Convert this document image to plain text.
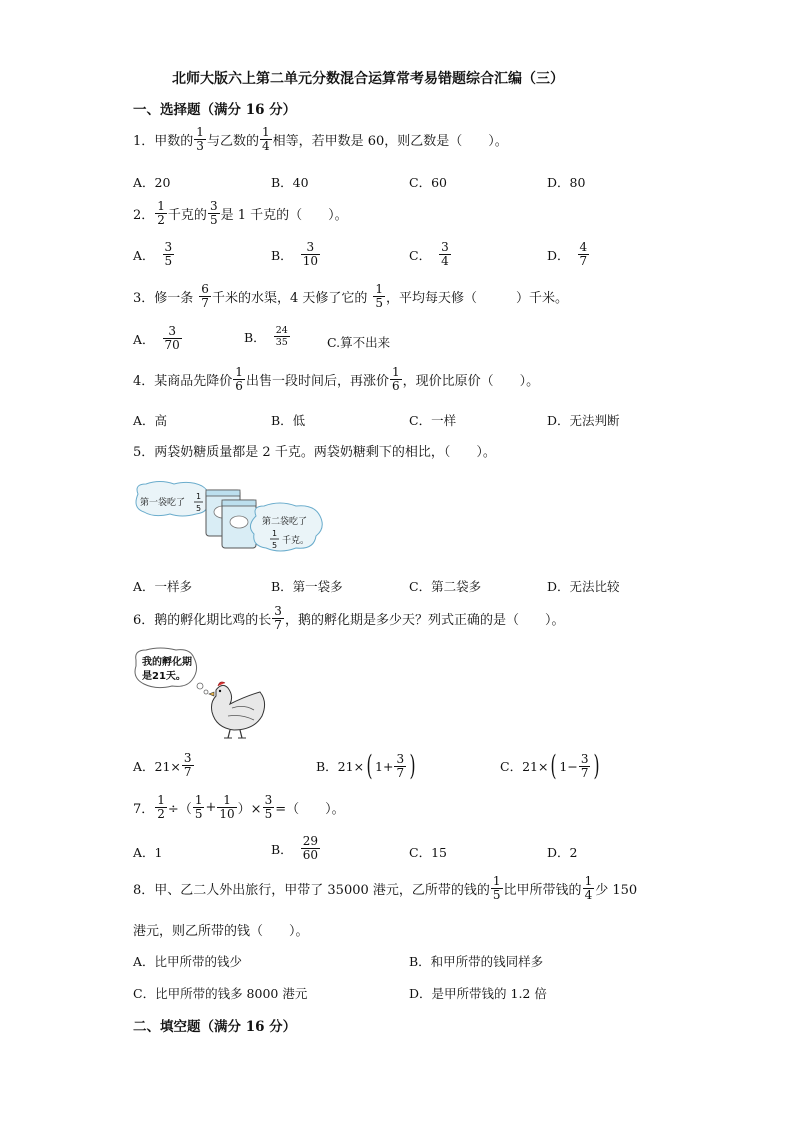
北师大版六上第二单元分数混合运算常考易错题综合汇编（三）
一、选择题（满分 16 分）
1． 甲数的 $\frac{1}{3}$ 与乙数的 $\frac{1}{4}$ 相等，若甲数是 60，则乙数是（　　）。
A．20	B．40	C．60	D．80
2． $\frac{1}{2}$ 千克的 $\frac{3}{5}$ 是 1 千克的（　　）。
A． $\frac{3}{5}$	B． $\frac{3}{10}$	C． $\frac{3}{4}$	D． $\frac{4}{7}$
3． 修一条 $\frac{6}{7}$ 千米的水渠，4 天修了它的 $\frac{1}{5}$ ，平均每天修（　　　）千米。
A． $\frac{3}{70}$	B． $\frac{24}{35}$	C.算不出来
4． 某商品先降价 $\frac{1}{6}$ 出售一段时间后，再涨价 $\frac{1}{6}$ ，现价比原价（　　）。
A．高	B．低	C．一样	D．无法判断
5． 两袋奶糖质量都是 2 千克。两袋奶糖剩下的相比，（　　）。
第一袋吃了
1
5
第二袋吃了
1
5 千克。
A．一样多	B．第一袋多	C．第二袋多	D．无法比较
6． 鹅的孵化期比鸡的长 $\frac{3}{7}$ ，鹅的孵化期是多少天？列式正确的是（　　）。
我的孵化期
是21天。
A．$21\times \frac{3}{7}$	B．21× ( $1+ \frac{3}{7}$ )	C．21× ( $1- \frac{3}{7}$ )
7． $\frac{1}{2}$ ÷（ $\frac{1}{5} + \frac{1}{10}$ ）× $\frac{3}{5}$ =（　　）。
A．1	B． $\frac{29}{60}$	C．15	D．2
8． 甲、乙二人外出旅行，甲带了 35000 港元，乙所带的钱的 $\frac{1}{5}$ 比甲所带钱的 $\frac{1}{4}$ 少 150
港元，则乙所带的钱（　　）。
A．比甲所带的钱少	B．和甲所带的钱同样多
C．比甲所带的钱多 8000 港元	D．是甲所带钱的 1.2 倍
二、填空题（满分 16 分）
